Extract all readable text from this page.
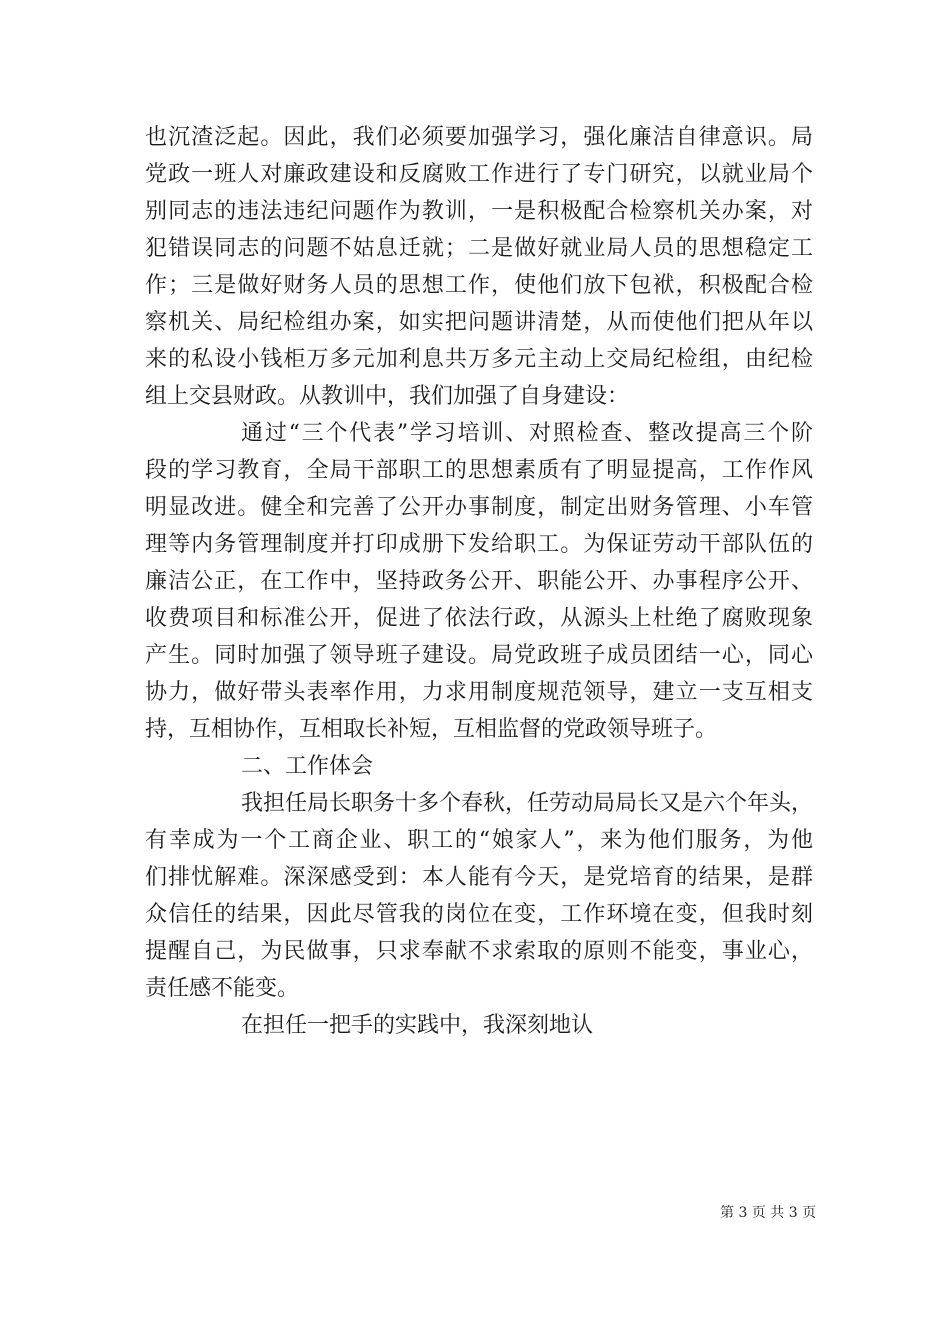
也沉渣泛起。因此，我们必须要加强学习，强化廉洁自律意识。局
党政一班人对廉政建设和反腐败工作进行了专门研究，以就业局个
别同志的违法违纪问题作为教训，一是积极配合检察机关办案，对
犯错误同志的问题不姑息迁就；二是做好就业局人员的思想稳定工
作；三是做好财务人员的思想工作，使他们放下包袱，积极配合检
察机关、局纪检组办案，如实把问题讲清楚，从而使他们把从年以
来的私设小钱柜万多元加利息共万多元主动上交局纪检组，由纪检
组上交县财政。从教训中，我们加强了自身建设：
通过“三个代表”学习培训、对照检查、整改提高三个阶
段的学习教育，全局干部职工的思想素质有了明显提高，工作作风
明显改进。健全和完善了公开办事制度，制定出财务管理、小车管
理等内务管理制度并打印成册下发给职工。为保证劳动干部队伍的
廉洁公正，在工作中，坚持政务公开、职能公开、办事程序公开、
收费项目和标准公开，促进了依法行政，从源头上杜绝了腐败现象
产生。同时加强了领导班子建设。局党政班子成员团结一心，同心
协力，做好带头表率作用，力求用制度规范领导，建立一支互相支
持，互相协作，互相取长补短，互相监督的党政领导班子。
二、工作体会
我担任局长职务十多个春秋，任劳动局局长又是六个年头，
有幸成为一个工商企业、职工的“娘家人”，来为他们服务，为他
们排忧解难。深深感受到：本人能有今天，是党培育的结果，是群
众信任的结果，因此尽管我的岗位在变，工作环境在变，但我时刻
提醒自己，为民做事，只求奉献不求索取的原则不能变，事业心，
责任感不能变。
在担任一把手的实践中，我深刻地认
第 3 页 共 3 页
